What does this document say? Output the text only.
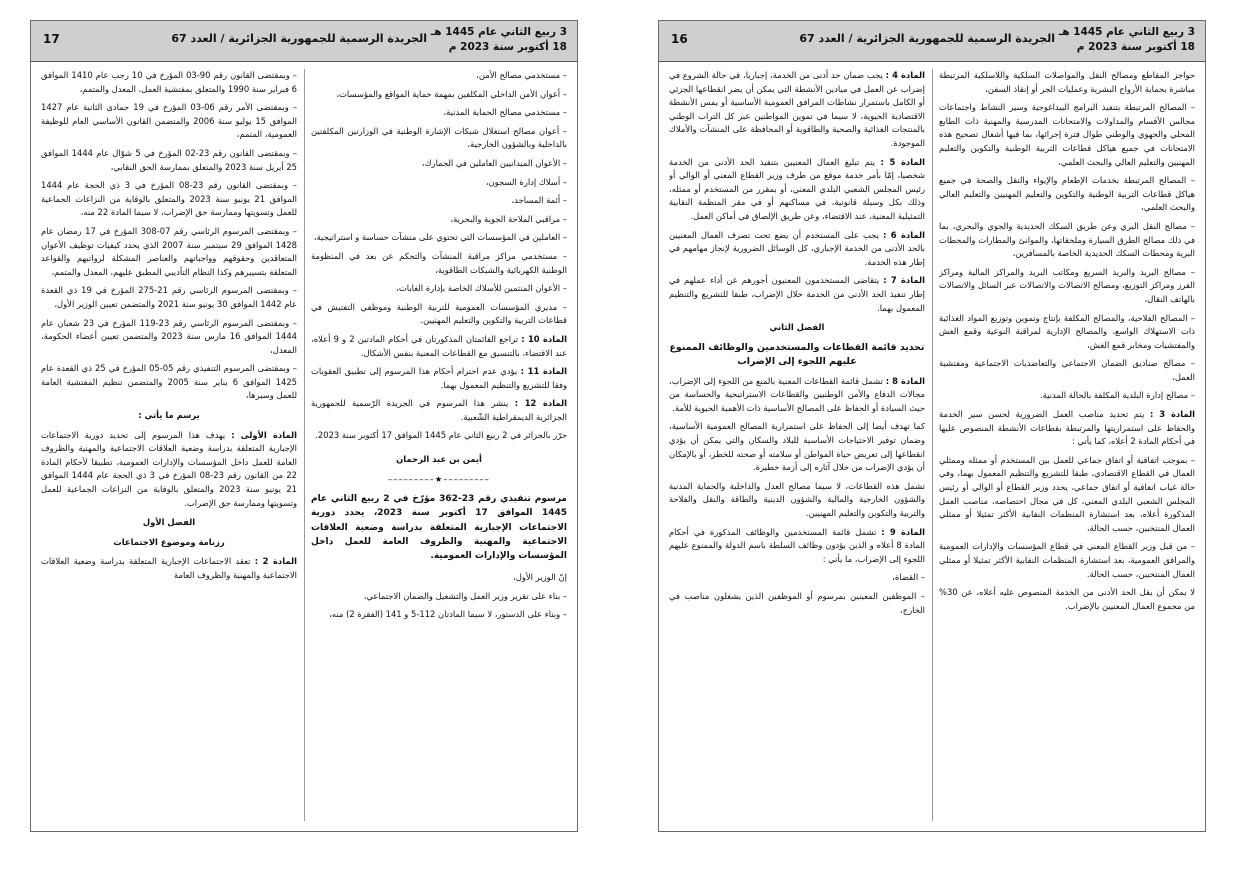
3 ربيع الثاني عام 1445 هـ
18 أكتوبر سنة 2023 م
الجريدة الرسمية للجمهورية الجزائرية / العدد 67
17

– مستخدمي مصالح الأمن،

– أعوان الأمن الداخلي المكلفين بمهمة حماية المواقع والمؤسسات،

– مستخدمي مصالح الحماية المدنية،

– أعوان مصالح استغلال شبكات الإشارة الوطنية في الوزارتين المكلفتين بالداخلية وبالشؤون الخارجية،

– الأعوان الميدانيين العاملين في الجمارك،

– أسلاك إدارة السجون،

– أئمة المساجد،

– مراقبي الملاحة الجوية والبحرية،

– العاملين في المؤسسات التي تحتوي على منشآت حساسة و استراتيجية،

– مستخدمي مراكز مراقبة المنشآت والتحكم عن بعد في المنظومة الوطنية الكهربائية والشبكات الطاقوية،

– الأعوان المنتمين للأسلاك الخاصة بإدارة الغابات،

– مديري المؤسسات العمومية للتربية الوطنية وموظفي التفتيش في قطاعات التربية والتكوين والتعليم المهنيين.

المادة 10 : تراجع القائمتان المذكورتان في أحكام المادتين 2 و 9 أعلاه، عند الاقتضاء، بالتنسيق مع القطاعات المعنية بنفس الأشكال.

المادة 11 : يؤدي عدم احترام أحكام هذا المرسوم إلى تطبيق العقوبات وفقا للتشريع والتنظيم المعمول بهما.

المادة 12 : ينشر هذا المرسوم في الجريدة الرّسمية للجمهورية الجزائرية الديمقراطية الشّعبية.

حرّر بالجزائر في 2 ربيع الثاني عام 1445 الموافق 17 أكتوبر سنة 2023.

أيمن بن عبد الرحمان
–––––––––★–––––––––

مرسوم تنفيذي رقم 23-362 مؤرّخ في 2 ربيع الثاني عام 1445 الموافق 17 أكتوبر سنة 2023، يحدد دورية الاجتماعات الإجبارية المتعلقة بدراسة وضعية العلاقات الاجتماعية والمهنية والظروف العامة للعمل داخل المؤسسات والإدارات العمومية.

إنّ الوزير الأول،

– بناء على تقرير وزير العمل والتشغيل والضمان الاجتماعي،

– وبناء على الدستور، لا سيما المادتان 112-5 و 141 (الفقرة 2) منه،

– وبمقتضى القانون رقم 90-03 المؤرخ في 10 رجب عام 1410 الموافق 6 فبراير سنة 1990 والمتعلق بمفتشية العمل، المعدل والمتمم،

– وبمقتضى الأمر رقم 06-03 المؤرخ في 19 جمادى الثانية عام 1427 الموافق 15 يوليو سنة 2006 والمتضمن القانون الأساسي العام للوظيفة العمومية، المتمم،

– وبمقتضى القانون رقم 23-02 المؤرخ في 5 شوّال عام 1444 الموافق 25 أبريل سنة 2023 والمتعلق بممارسة الحق النقابي،

– وبمقتضى القانون رقم 23-08 المؤرخ في 3 ذي الحجة عام 1444 الموافق 21 يونيو سنة 2023 والمتعلق بالوقاية من النزاعات الجماعية للعمل وتسويتها وممارسة حق الإضراب، لا سيما المادة 22 منه،

– وبمقتضى المرسوم الرئاسي رقم 07-308 المؤرخ في 17 رمضان عام 1428 الموافق 29 سبتمبر سنة 2007 الذي يحدد كيفيات توظيف الأعوان المتعاقدين وحقوقهم وواجباتهم والعناصر المشكلة لرواتبهم والقواعد المتعلقة بتسييرهم وكذا النظام التأديبي المطبق عليهم، المعدل والمتمم،

– وبمقتضى المرسوم الرئاسي رقم 21-275 المؤرخ في 19 ذي القعدة عام 1442 الموافق 30 يونيو سنة 2021 والمتضمن تعيين الوزير الأول،

– وبمقتضى المرسوم الرئاسي رقم 23-119 المؤرخ في 23 شعبان عام 1444 الموافق 16 مارس سنة 2023 والمتضمن تعيين أعضاء الحكومة، المعدل،

– وبمقتضى المرسوم التنفيذي رقم 05-05 المؤرخ في 25 ذي القعدة عام 1425 الموافق 6 يناير سنة 2005 والمتضمن تنظيم المفتشية العامة للعمل وسيرها،

يرسم ما يأتي :

المادة الأولى : يهدف هذا المرسوم إلى تحديد دورية الاجتماعات الإجبارية المتعلقة بدراسة وضعية العلاقات الاجتماعية والمهنية والظروف العامة للعمل داخل المؤسسات والإدارات العمومية، تطبيقا لأحكام المادة 22 من القانون رقم 23-08 المؤرخ في 3 ذي الحجة عام 1444 الموافق 21 يونيو سنة 2023 والمتعلق بالوقاية من النزاعات الجماعية للعمل وتسويتها وممارسة حق الإضراب.

الفصل الأول
رزنامة وموضوع الاجتماعات

المادة 2 : تعقد الاجتماعات الإجبارية المتعلقة بدراسة وضعية العلاقات الاجتماعية والمهنية والظروف العامة

3 ربيع الثاني عام 1445 هـ
18 أكتوبر سنة 2023 م
الجريدة الرسمية للجمهورية الجزائرية / العدد 67
16

حواجز المقاطع ومصالح النقل والمواصلات السلكية واللاسلكية المرتبطة مباشرة بحماية الأرواح البشرية وعمليات الجر أو إنقاذ السفن،

– المصالح المرتبطة بتنفيذ البرامج البيداغوجية وسير النشاط واجتماعات مجالس الأقسام والمداولات والامتحانات المدرسية والمهنية ذات الطابع المحلي والجهوي والوطني طوال فترة إجرائها، بما فيها أشغال تصحيح هذه الامتحانات في جميع هياكل قطاعات التربية الوطنية والتكوين والتعليم المهنيين والتعليم العالي والبحث العلمي،

– المصالح المرتبطة بخدمات الإطعام والإيواء والنقل والصحة في جميع هياكل قطاعات التربية الوطنية والتكوين والتعليم المهنيين والتعليم العالي والبحث العلمي،

– مصالح النقل البري وعن طريق السكك الحديدية والجوي والبحري، بما في ذلك مصالح الطرق السيارة وملحقاتها، والموانئ والمطارات والمحطات البرية ومحطات السكك الحديدية الخاصة بالمسافرين،

– مصالح البريد والبريد السريع ومكاتب البريد والمراكز المالية ومراكز الفرز ومراكز التوزيع، ومصالح الاتصالات والاتصالات عبر السائل والاتصالات بالهاتف النقال،

– المصالح الفلاحية، والمصالح المكلفة بإنتاج وتموين وتوزيع المواد الغذائية ذات الاستهلاك الواسع، والمصالح الإدارية لمراقبة النوعية وقمع الغش والمفتشيات ومخابر قمع الغش،

– مصالح صناديق الضمان الاجتماعي والتعاضديات الاجتماعية ومفتشية العمل،

– مصالح إدارة البلدية المكلفة بالحالة المدنية.

المادة 3 : يتم تحديد مناصب العمل الضرورية لحسن سير الخدمة والحفاظ على استمراريتها والمرتبطة بقطاعات الأنشطة المنصوص عليها في أحكام المادة 2 أعلاه، كما يأتي :

– بموجب اتفاقية أو اتفاق جماعي للعمل بين المستخدم أو ممثله وممثلي العمال في القطاع الاقتصادي، طبقا للتشريع والتنظيم المعمول بهما، وفي حالة غياب اتفاقية أو اتفاق جماعي، يحدد وزير القطاع أو الوالي أو رئيس المجلس الشعبي البلدي المعني، كل في مجال اختصاصه، مناصب العمل المذكورة أعلاه، بعد استشارة المنظمات النقابية الأكثر تمثيلا أو ممثلي العمال المنتخبين، حسب الحالة،

– من قبل وزير القطاع المعني في قطاع المؤسسات والإدارات العمومية والمرافق العمومية، بعد استشارة المنظمات النقابية الأكثر تمثيلا أو ممثلي العمال المنتخبين، حسب الحالة.

لا يمكن أن يقل الحد الأدنى من الخدمة المنصوص عليه أعلاه، عن 30% من مجموع العمال المعنيين بالإضراب.

المادة 4 : يجب ضمان حد أدنى من الخدمة، إجباريا، في حالة الشروع في إضراب عن العمل في ميادين الأنشطة التي يمكن أن يضر انقطاعها الجزئي أو الكامل باستمرار نشاطات المرافق العمومية الأساسية أو يمس الأنشطة الاقتصادية الحيوية، لا سيما في تموين المواطنين عبر كل التراب الوطني بالمنتجات الغذائية والصحية والطاقوية أو المحافظة على المنشآت والأملاك الموجودة.

المادة 5 : يتم تبليغ العمال المعنيين بتنفيذ الحد الأدنى من الخدمة شخصيا، إمّا بأمر خدمة موقع من طرف وزير القطاع المعني أو الوالي أو رئيس المجلس الشعبي البلدي المعني، أو بمقرر من المستخدم أو ممثله، وذلك بكل وسيلة قانونية، في مساكنهم أو في مقر المنظمة النقابية التمثيلية المعنية، عند الاقتضاء، وعن طريق الإلصاق في أماكن العمل.

المادة 6 : يجب على المستخدم أن يضع تحت تصرف العمال المعنيين بالحد الأدنى من الخدمة الإجباري، كل الوسائل الضرورية لإنجاز مهامهم في إطار هذه الخدمة.

المادة 7 : يتقاضى المستخدمون المعنيون أجورهم عن أداء عملهم في إطار تنفيذ الحد الأدنى من الخدمة خلال الإضراب، طبقا للتشريع والتنظيم المعمول بهما.

الفصل الثاني
تحديد قائمة القطاعات والمستخدمين والوظائف الممنوع عليهم اللجوء إلى الإضراب

المادة 8 : تشمل قائمة القطاعات المعنية بالمنع من اللجوء إلى الإضراب، مجالات الدفاع والأمن الوطنيين والقطاعات الاستراتيجية والحساسة من حيث السيادة أو الحفاظ على المصالح الأساسية ذات الأهمية الحيوية للأمة.

كما تهدف أيضا إلى الحفاظ على استمرارية المصالح العمومية الأساسية، وضمان توفير الاحتياجات الأساسية للبلاد والسكان والتي يمكن أن يؤدي انقطاعها إلى تعريض حياة المواطن أو سلامته أو صحته للخطر، أو بالإمكان أن يؤدي الإضراب من خلال آثاره إلى أزمة خطيرة.

تشمل هذه القطاعات، لا سيما مصالح العدل والداخلية والحماية المدنية والشؤون الخارجية والمالية والشؤون الدينية والطاقة والنقل والفلاحة والتربية والتكوين والتعليم المهنيين.

المادة 9 : تشمل قائمة المستخدمين والوظائف المذكورة في أحكام المادة 8 أعلاه و الذين يؤدون وظائف السلطة باسم الدولة والممنوع عليهم اللجوء إلى الإضراب، ما يأتي :

– القضاة،

– الموظفين المعينين بمرسوم أو الموظفين الذين يشغلون مناصب في الخارج،
